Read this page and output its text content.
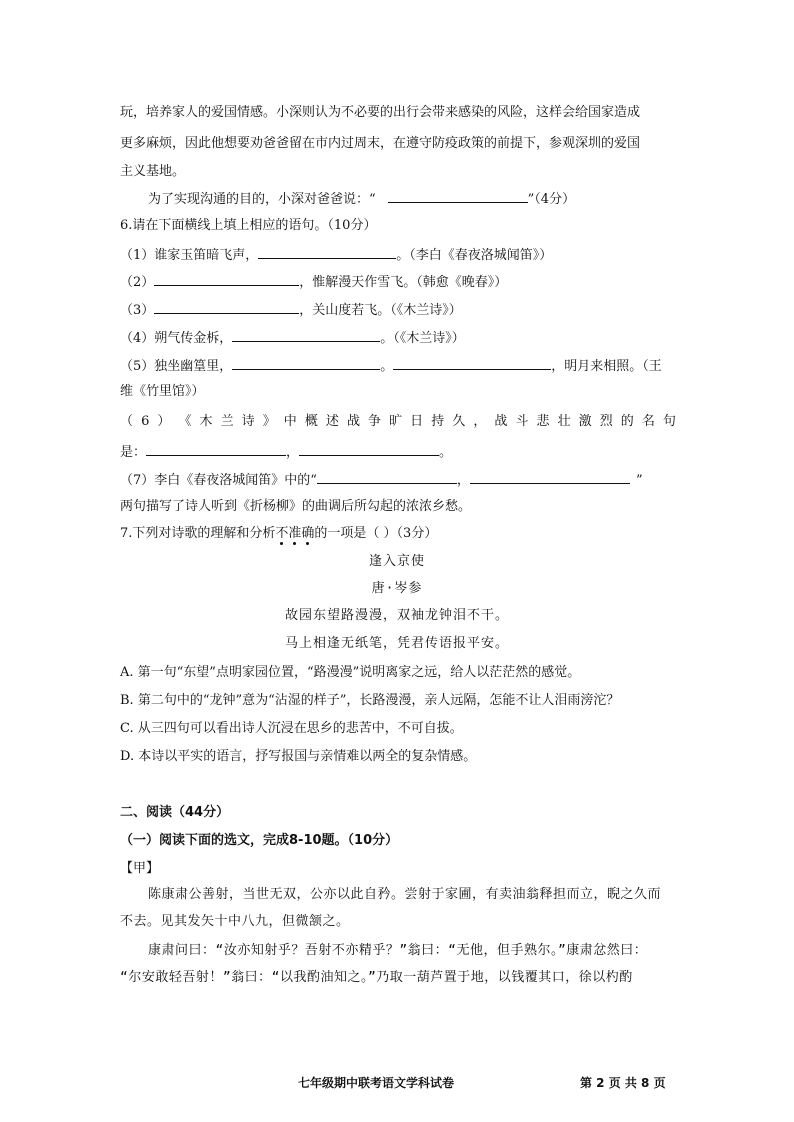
玩，培养家人的爱国情感。小深则认为不必要的出行会带来感染的风险，这样会给国家造成
更多麻烦，因此他想要劝爸爸留在市内过周末，在遵守防疫政策的前提下，参观深圳的爱国
主义基地。
为了实现沟通的目的，小深对爸爸说：“	”（4分）
6.请在下面横线上填上相应的语句。（10分）
（1）谁家玉笛暗飞声，	。（李白《春夜洛城闻笛》）
（2）	，惟解漫天作雪飞。（韩愈《晚春》）
（3）	，关山度若飞。（《木兰诗》）
（4）朔气传金柝，	。（《木兰诗》）
（5）独坐幽篁里，	。	，明月来相照。（王
维《竹里馆》）
（ 6 ） 《 木 兰 诗 》 中 概 述 战 争 旷 日 持 久 ， 战 斗 悲 壮 激 烈 的 名 句
是：	，	。
（7）李白《春夜洛城闻笛》中的“	，	”
两句描写了诗人听到《折杨柳》的曲调后所勾起的浓浓乡愁。
7.下列对诗歌的理解和分析不准确
的一项是（ ）（3分）
逢入京使
唐·岑参
故园东望路漫漫，双袖龙钟泪不干。
马上相逢无纸笔，凭君传语报平安。
A. 第一句“东望”点明家园位置，“路漫漫”说明离家之远，给人以茫茫然的感觉。
B. 第二句中的“龙钟”意为“沾湿的样子”，长路漫漫，亲人远隔，怎能不让人泪雨滂沱？
C. 从三四句可以看出诗人沉浸在思乡的悲苦中，不可自拔。
D. 本诗以平实的语言，抒写报国与亲情难以两全的复杂情感。
二、阅读（44分）
（一）阅读下面的选文，完成8-10题。（10分）
【甲】
陈康肃公善射，当世无双，公亦以此自矜。尝射于家圃，有卖油翁释担而立，睨之久而
不去。见其发矢十中八九，但微颔之。
康肃问曰：“汝亦知射乎？吾射不亦精乎？”翁曰：“无他，但手熟尔。”康肃忿然曰：
“尔安敢轻吾射！”翁曰：“以我酌油知之。”乃取一葫芦置于地，以钱覆其口，徐以杓酌
七年级期中联考语文学科试卷	第 2 页 共 8 页
